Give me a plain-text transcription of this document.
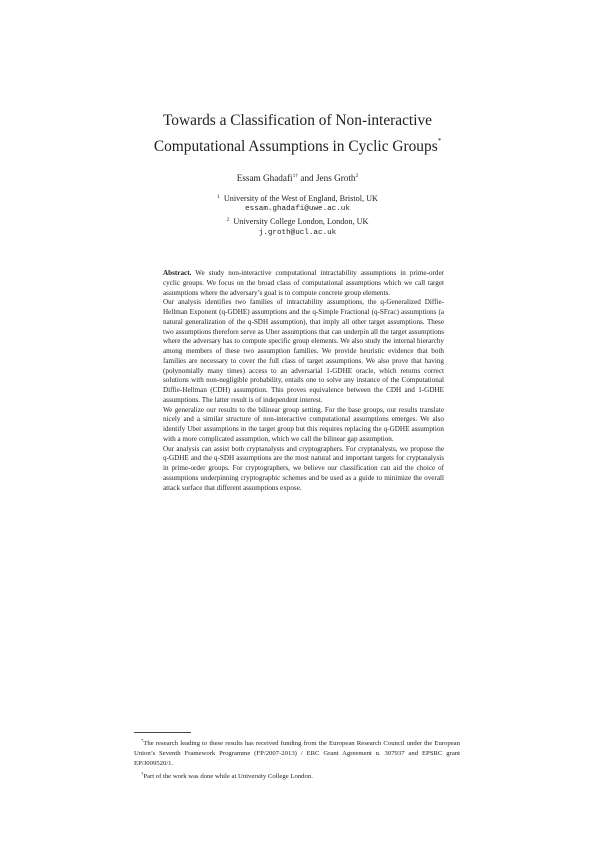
Towards a Classification of Non-interactive
Computational Assumptions in Cyclic Groups*
Essam Ghadafi$^{1\dagger}$ and Jens Groth$^2$
$^1$ University of the West of England, Bristol, UK
essam.ghadafi@uwe.ac.uk
$^2$ University College London, London, UK
j.groth@ucl.ac.uk

Abstract. We study non-interactive computational intractability assumptions in prime-order cyclic groups. We focus on the broad class of computational assumptions which we call target assumptions where the adversary’s goal is to compute concrete group elements.

Our analysis identifies two families of intractability assumptions, the q-Generalized Diffie-Hellman Exponent (q-GDHE) assumptions and the q-Simple Fractional (q-SFrac) assumptions (a natural generalization of the q-SDH assumption), that imply all other target assumptions. These two assumptions therefore serve as Uber assumptions that can underpin all the target assumptions where the adversary has to compute specific group elements. We also study the internal hierarchy among members of these two assumption families. We provide heuristic evidence that both families are necessary to cover the full class of target assumptions. We also prove that having (polynomially many times) access to an adversarial 1-GDHE oracle, which returns correct solutions with non-negligible probability, entails one to solve any instance of the Computational Diffie-Hellman (CDH) assumption. This proves equivalence between the CDH and 1-GDHE assumptions. The latter result is of independent interest.

We generalize our results to the bilinear group setting. For the base groups, our results translate nicely and a similar structure of non-interactive computational assumptions emerges. We also identify Uber assumptions in the target group but this requires replacing the q-GDHE assumption with a more complicated assumption, which we call the bilinear gap assumption.

Our analysis can assist both cryptanalysts and cryptographers. For cryptanalysts, we propose the q-GDHE and the q-SDH assumptions are the most natural and important targets for cryptanalysis in prime-order groups. For cryptographers, we believe our classification can aid the choice of assumptions underpinning cryptographic schemes and be used as a guide to minimize the overall attack surface that different assumptions expose.

*The research leading to these results has received funding from the European Research Council under the European Union’s Seventh Framework Programme (FP/2007-2013) / ERC Grant Agreement n. 307937 and EPSRC grant EP/J009520/1.

†Part of the work was done while at University College London.
